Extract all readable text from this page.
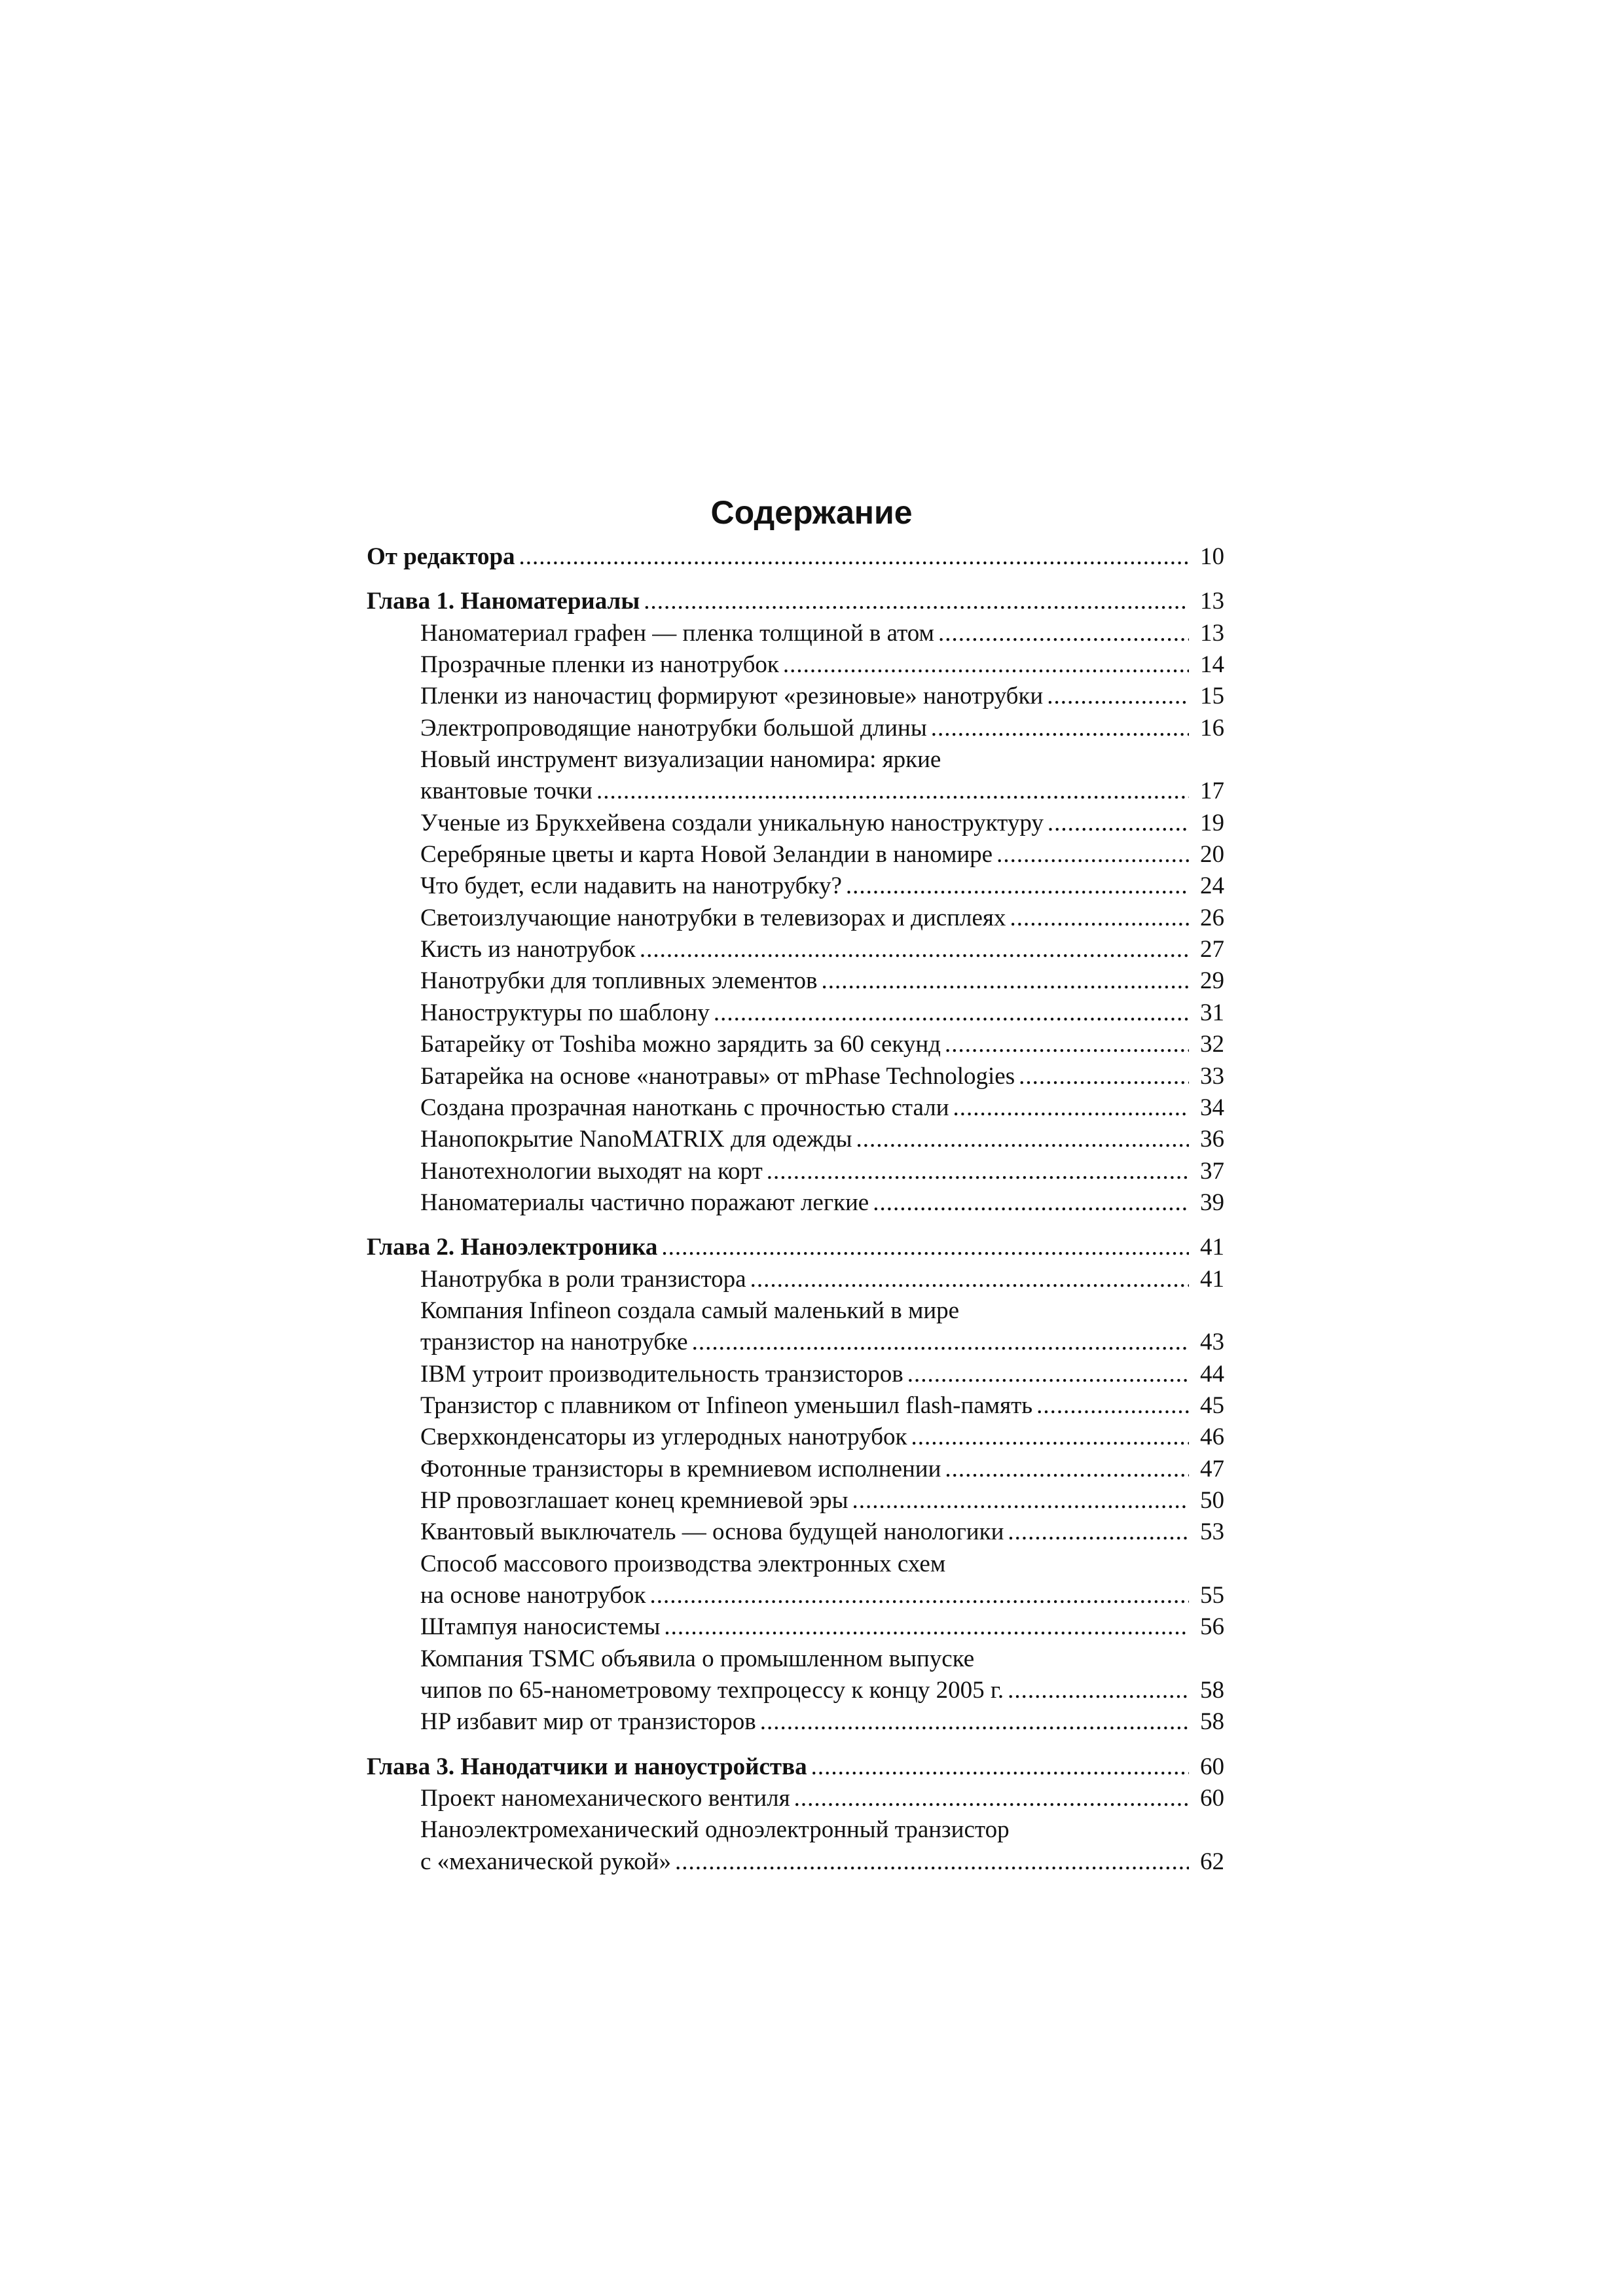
Содержание
От редактора .....	10
Глава 1. Наноматериалы .....	13
Наноматериал графен — пленка толщиной в атом .....	13
Прозрачные пленки из нанотрубок .....	14
Пленки из наночастиц формируют «резиновые» нанотрубки .....	15
Электропроводящие нанотрубки большой длины .....	16
Новый инструмент визуализации наномира: яркие
квантовые точки .....	17
Ученые из Брукхейвена создали уникальную наноструктуру .....	19
Серебряные цветы и карта Новой Зеландии в наномире .....	20
Что будет, если надавить на нанотрубку? .....	24
Светоизлучающие нанотрубки в телевизорах и дисплеях .....	26
Кисть из нанотрубок .....	27
Нанотрубки для топливных элементов .....	29
Наноструктуры по шаблону .....	31
Батарейку от Toshiba можно зарядить за 60 секунд .....	32
Батарейка на основе «нанотравы» от mPhase Technologies .....	33
Создана прозрачная наноткань с прочностью стали .....	34
Нанопокрытие NanoMATRIX для одежды .....	36
Нанотехнологии выходят на корт .....	37
Наноматериалы частично поражают легкие .....	39
Глава 2. Наноэлектроника .....	41
Нанотрубка в роли транзистора .....	41
Компания Infineon создала самый маленький в мире
транзистор на нанотрубке .....	43
IBM утроит производительность транзисторов .....	44
Транзистор с плавником от Infineon уменьшил flash-память .....	45
Сверхконденсаторы из углеродных нанотрубок .....	46
Фотонные транзисторы в кремниевом исполнении .....	47
HP провозглашает конец кремниевой эры .....	50
Квантовый выключатель — основа будущей нанологики .....	53
Способ массового производства электронных схем
на основе нанотрубок .....	55
Штампуя наносистемы .....	56
Компания TSMC объявила о промышленном выпуске
чипов по 65-нанометровому техпроцессу к концу 2005 г. .....	58
HP избавит мир от транзисторов .....	58
Глава 3. Нанодатчики и наноустройства .....	60
Проект наномеханического вентиля .....	60
Наноэлектромеханический одноэлектронный транзистор
с «механической рукой» .....	62
